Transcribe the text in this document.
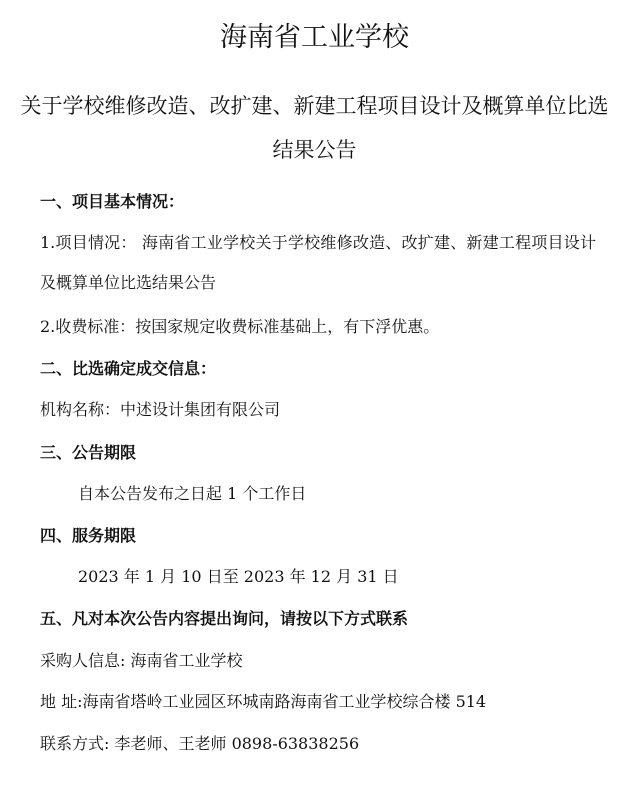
海南省工业学校
关于学校维修改造、改扩建、新建工程项目设计及概算单位比选结果公告

一、项目基本情况：

1.项目情况： 海南省工业学校关于学校维修改造、改扩建、新建工程项目设计及概算单位比选结果公告

2.收费标准：按国家规定收费标准基础上，有下浮优惠。

二、比选确定成交信息：

机构名称：中述设计集团有限公司

三、公告期限

自本公告发布之日起 1 个工作日

四、服务期限

2023 年 1 月 10 日至 2023 年 12 月 31 日

五、凡对本次公告内容提出询问，请按以下方式联系

采购人信息: 海南省工业学校

地 址:海南省塔岭工业园区环城南路海南省工业学校综合楼 514

联系方式: 李老师、王老师 0898-63838256
